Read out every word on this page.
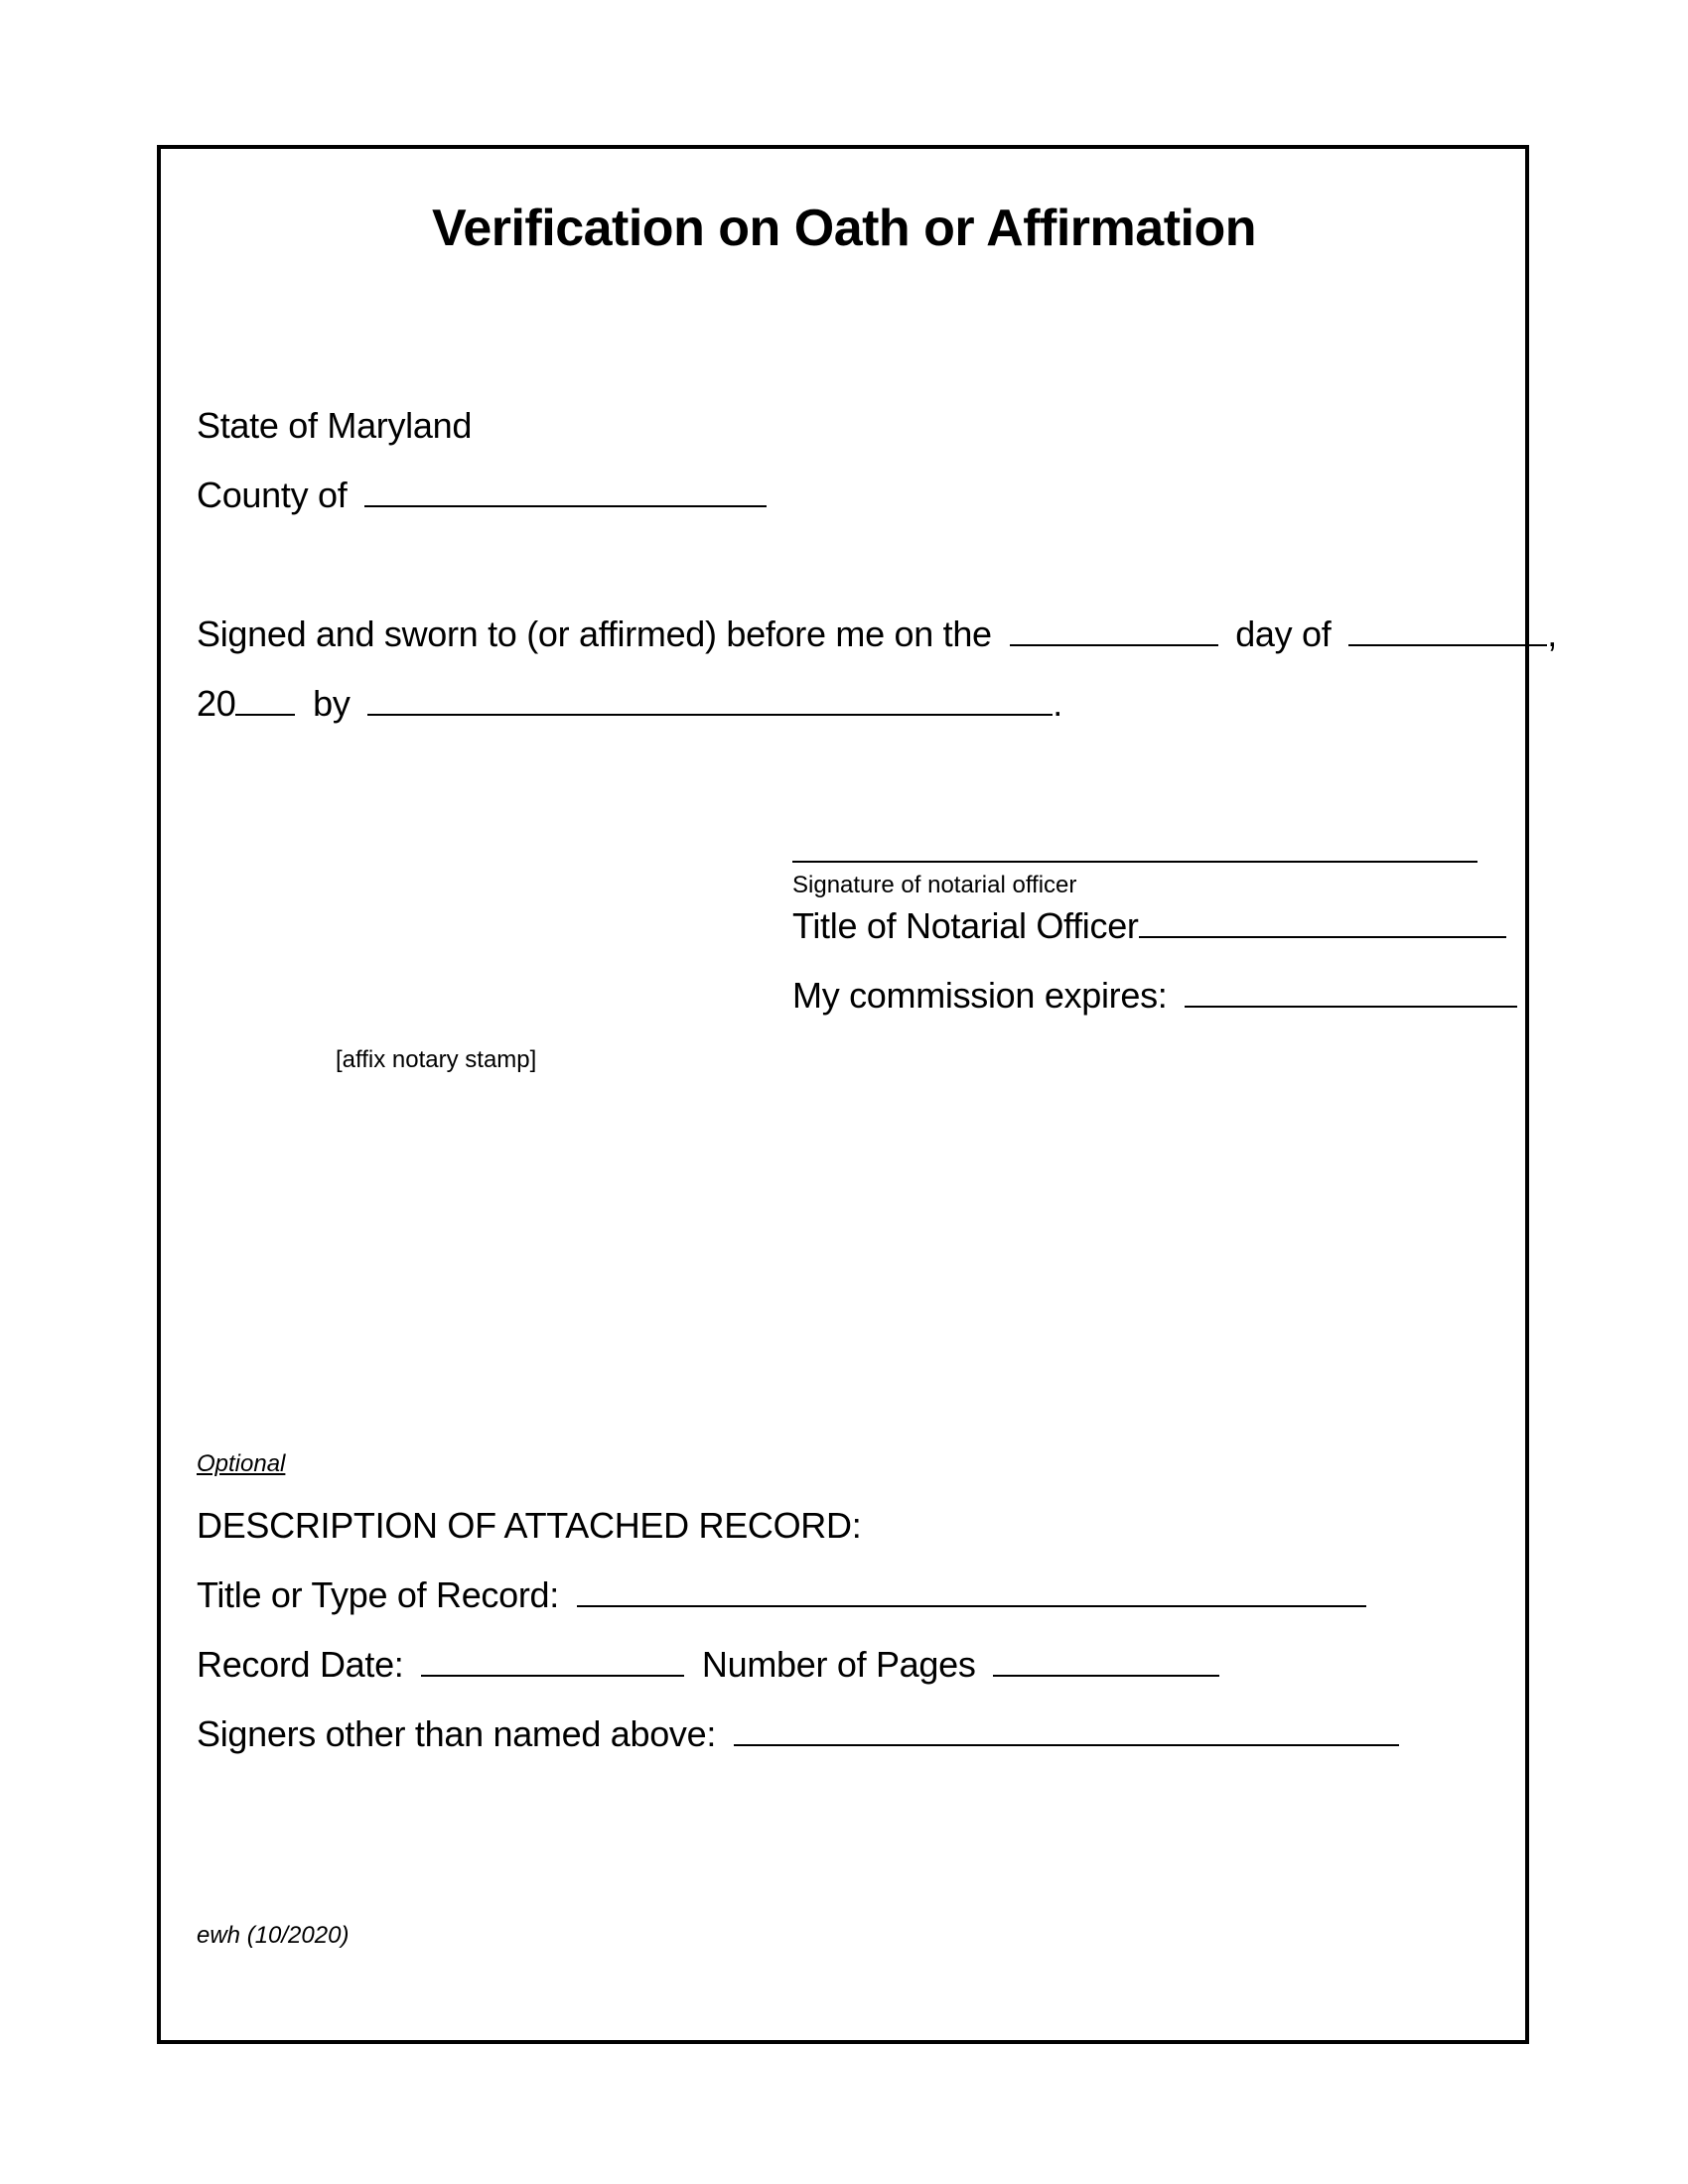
Verification on Oath or Affirmation
State of Maryland
County of
Signed and sworn to (or affirmed) before me on the	day of	,
20 by	.
Signature of notarial officer
Title of Notarial Officer
My commission expires:
[affix notary stamp]
Optional
DESCRIPTION OF ATTACHED RECORD:
Title or Type of Record:
Record Date:	Number of Pages
Signers other than named above:
ewh (10/2020)
